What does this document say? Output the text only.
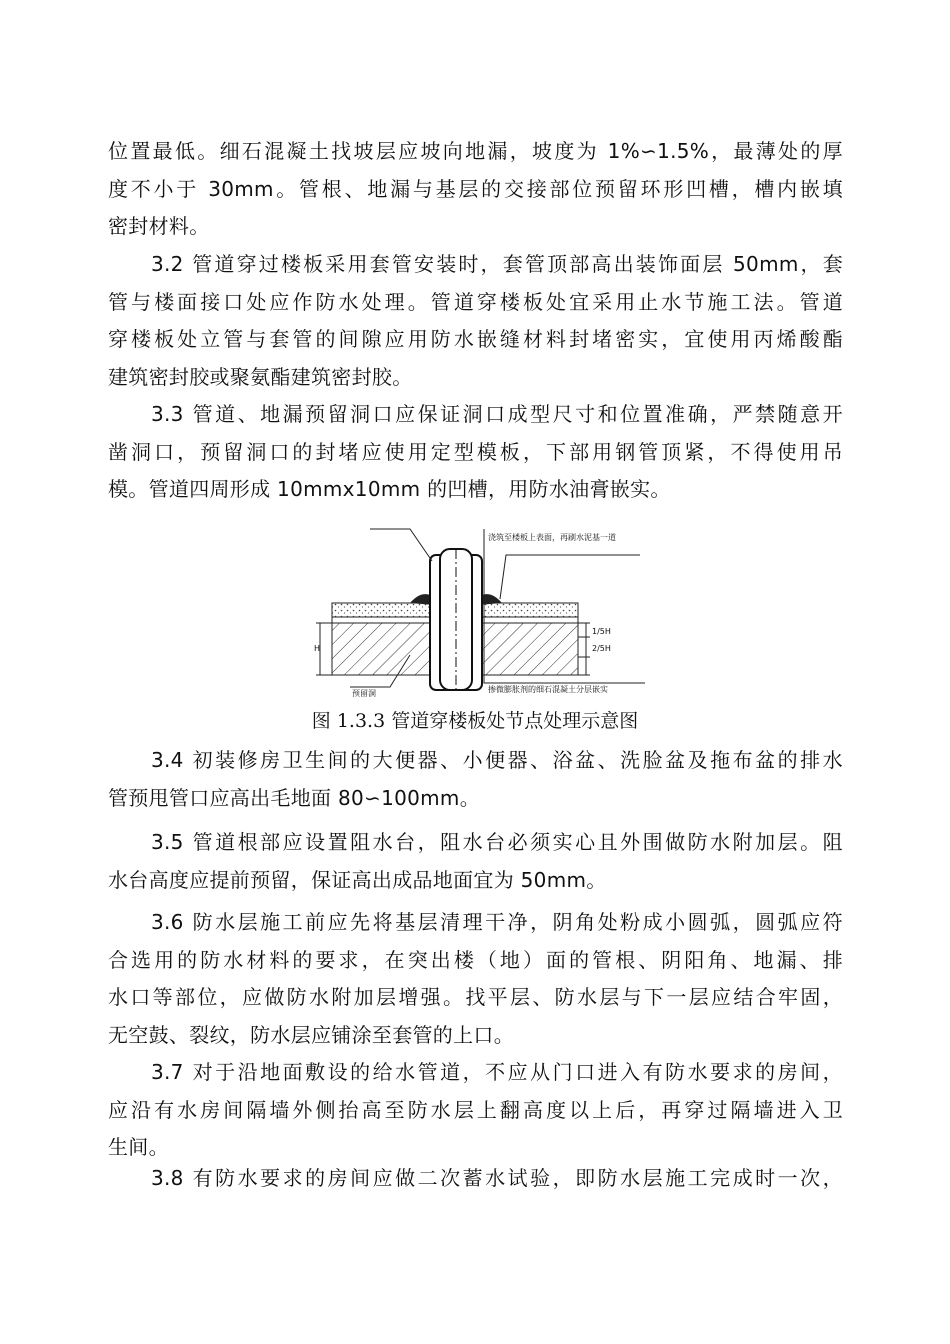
位置最低。细石混凝土找坡层应坡向地漏，坡度为 1%∽1.5%，最薄处的厚
度不小于 30mm。管根、地漏与基层的交接部位预留环形凹槽，槽内嵌填
密封材料。
3.2 管道穿过楼板采用套管安装时，套管顶部高出装饰面层 50mm，套
管与楼面接口处应作防水处理。管道穿楼板处宜采用止水节施工法。管道
穿楼板处立管与套管的间隙应用防水嵌缝材料封堵密实，宜使用丙烯酸酯
建筑密封胶或聚氨酯建筑密封胶。
3.3 管道、地漏预留洞口应保证洞口成型尺寸和位置准确，严禁随意开
凿洞口，预留洞口的封堵应使用定型模板，下部用钢管顶紧，不得使用吊
模。管道四周形成 10mmx10mm 的凹槽，用防水油膏嵌实。
浇筑至楼板上表面，再刷水泥基一道
掺微膨胀剂的细石混凝土分层嵌实
预留洞
H
1/5H
2/5H
图 1.3.3 管道穿楼板处节点处理示意图
3.4 初装修房卫生间的大便器、小便器、浴盆、洗脸盆及拖布盆的排水
管预甩管口应高出毛地面 80∽100mm。
3.5 管道根部应设置阻水台，阻水台必须实心且外围做防水附加层。阻
水台高度应提前预留，保证高出成品地面宜为 50mm。
3.6 防水层施工前应先将基层清理干净，阴角处粉成小圆弧，圆弧应符
合选用的防水材料的要求，在突出楼（地）面的管根、阴阳角、地漏、排
水口等部位，应做防水附加层增强。找平层、防水层与下一层应结合牢固，
无空鼓、裂纹，防水层应铺涂至套管的上口。
3.7 对于沿地面敷设的给水管道，不应从门口进入有防水要求的房间，
应沿有水房间隔墙外侧抬高至防水层上翻高度以上后，再穿过隔墙进入卫
生间。
3.8 有防水要求的房间应做二次蓄水试验，即防水层施工完成时一次，
